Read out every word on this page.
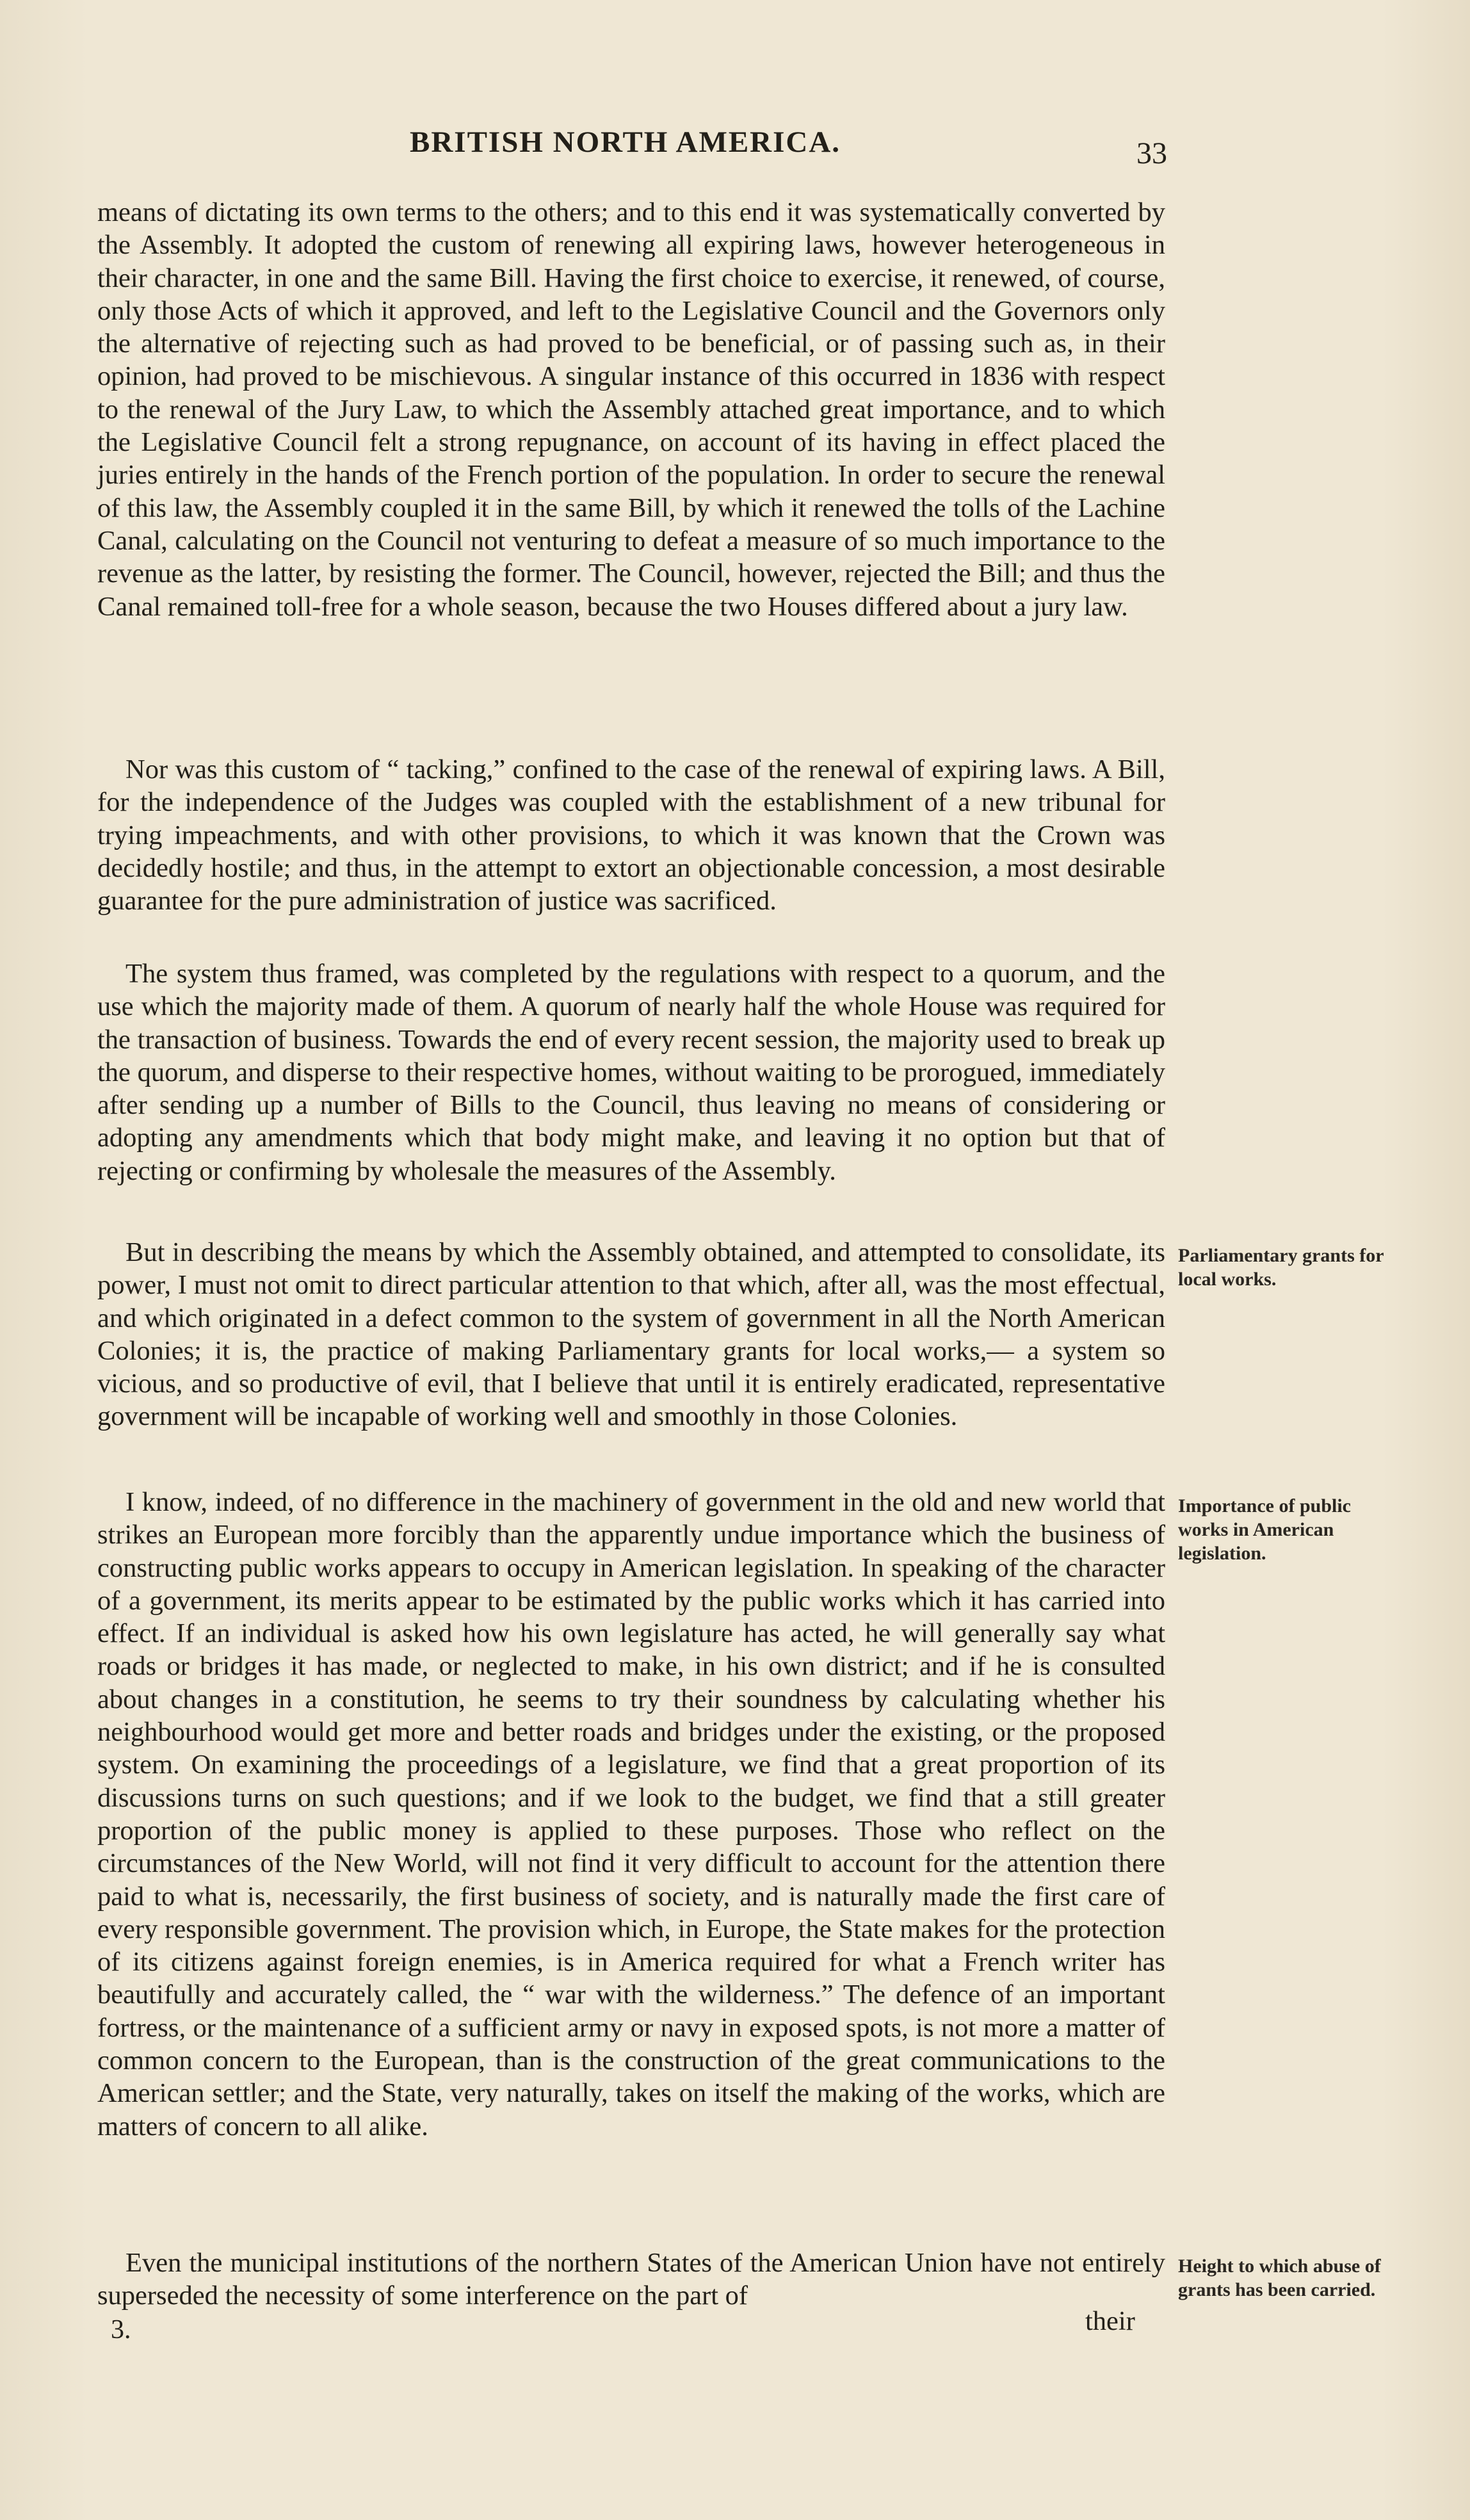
BRITISH NORTH AMERICA.	33

means of dictating its own terms to the others; and to this end it was systematically converted by the Assembly. It adopted the custom of renewing all expiring laws, however heterogeneous in their character, in one and the same Bill. Having the first choice to exercise, it renewed, of course, only those Acts of which it approved, and left to the Legislative Council and the Governors only the alternative of rejecting such as had proved to be beneficial, or of passing such as, in their opinion, had proved to be mischievous. A singular instance of this occurred in 1836 with respect to the renewal of the Jury Law, to which the Assembly attached great importance, and to which the Legislative Council felt a strong repugnance, on account of its having in effect placed the juries entirely in the hands of the French portion of the population. In order to secure the renewal of this law, the Assembly coupled it in the same Bill, by which it renewed the tolls of the Lachine Canal, calculating on the Council not venturing to defeat a measure of so much importance to the revenue as the latter, by resisting the former. The Council, however, rejected the Bill; and thus the Canal remained toll-free for a whole season, because the two Houses differed about a jury law.

Nor was this custom of “ tacking,” confined to the case of the renewal of expiring laws. A Bill, for the independence of the Judges was coupled with the establishment of a new tribunal for trying impeachments, and with other provisions, to which it was known that the Crown was decidedly hostile; and thus, in the attempt to extort an objectionable concession, a most desirable guarantee for the pure administration of justice was sacrificed.

The system thus framed, was completed by the regulations with respect to a quorum, and the use which the majority made of them. A quorum of nearly half the whole House was required for the transaction of business. Towards the end of every recent session, the majority used to break up the quorum, and disperse to their respective homes, without waiting to be prorogued, immediately after sending up a number of Bills to the Council, thus leaving no means of considering or adopting any amendments which that body might make, and leaving it no option but that of rejecting or confirming by wholesale the measures of the Assembly.

But in describing the means by which the Assembly obtained, and attempted to consolidate, its power, I must not omit to direct particular attention to that which, after all, was the most effectual, and which originated in a defect common to the system of government in all the North American Colonies; it is, the practice of making Parliamentary grants for local works,— a system so vicious, and so productive of evil, that I believe that until it is entirely eradicated, representative government will be incapable of working well and smoothly in those Colonies.

I know, indeed, of no difference in the machinery of government in the old and new world that strikes an European more forcibly than the apparently undue importance which the business of constructing public works appears to occupy in American legislation. In speaking of the character of a government, its merits appear to be estimated by the public works which it has carried into effect. If an individual is asked how his own legislature has acted, he will generally say what roads or bridges it has made, or neglected to make, in his own district; and if he is consulted about changes in a constitution, he seems to try their soundness by calculating whether his neighbourhood would get more and better roads and bridges under the existing, or the proposed system. On examining the proceedings of a legislature, we find that a great proportion of its discussions turns on such questions; and if we look to the budget, we find that a still greater proportion of the public money is applied to these purposes. Those who reflect on the circumstances of the New World, will not find it very difficult to account for the attention there paid to what is, necessarily, the first business of society, and is naturally made the first care of every responsible government. The provision which, in Europe, the State makes for the protection of its citizens against foreign enemies, is in America required for what a French writer has beautifully and accurately called, the “ war with the wilderness.” The defence of an important fortress, or the maintenance of a sufficient army or navy in exposed spots, is not more a matter of common concern to the European, than is the construction of the great communications to the American settler; and the State, very naturally, takes on itself the making of the works, which are matters of concern to all alike.

Even the municipal institutions of the northern States of the American Union have not entirely superseded the necessity of some interference on the part of

Parliamentary grants for local works.

Importance of public works in American legislation.

Height to which abuse of grants has been carried.

3.	their
